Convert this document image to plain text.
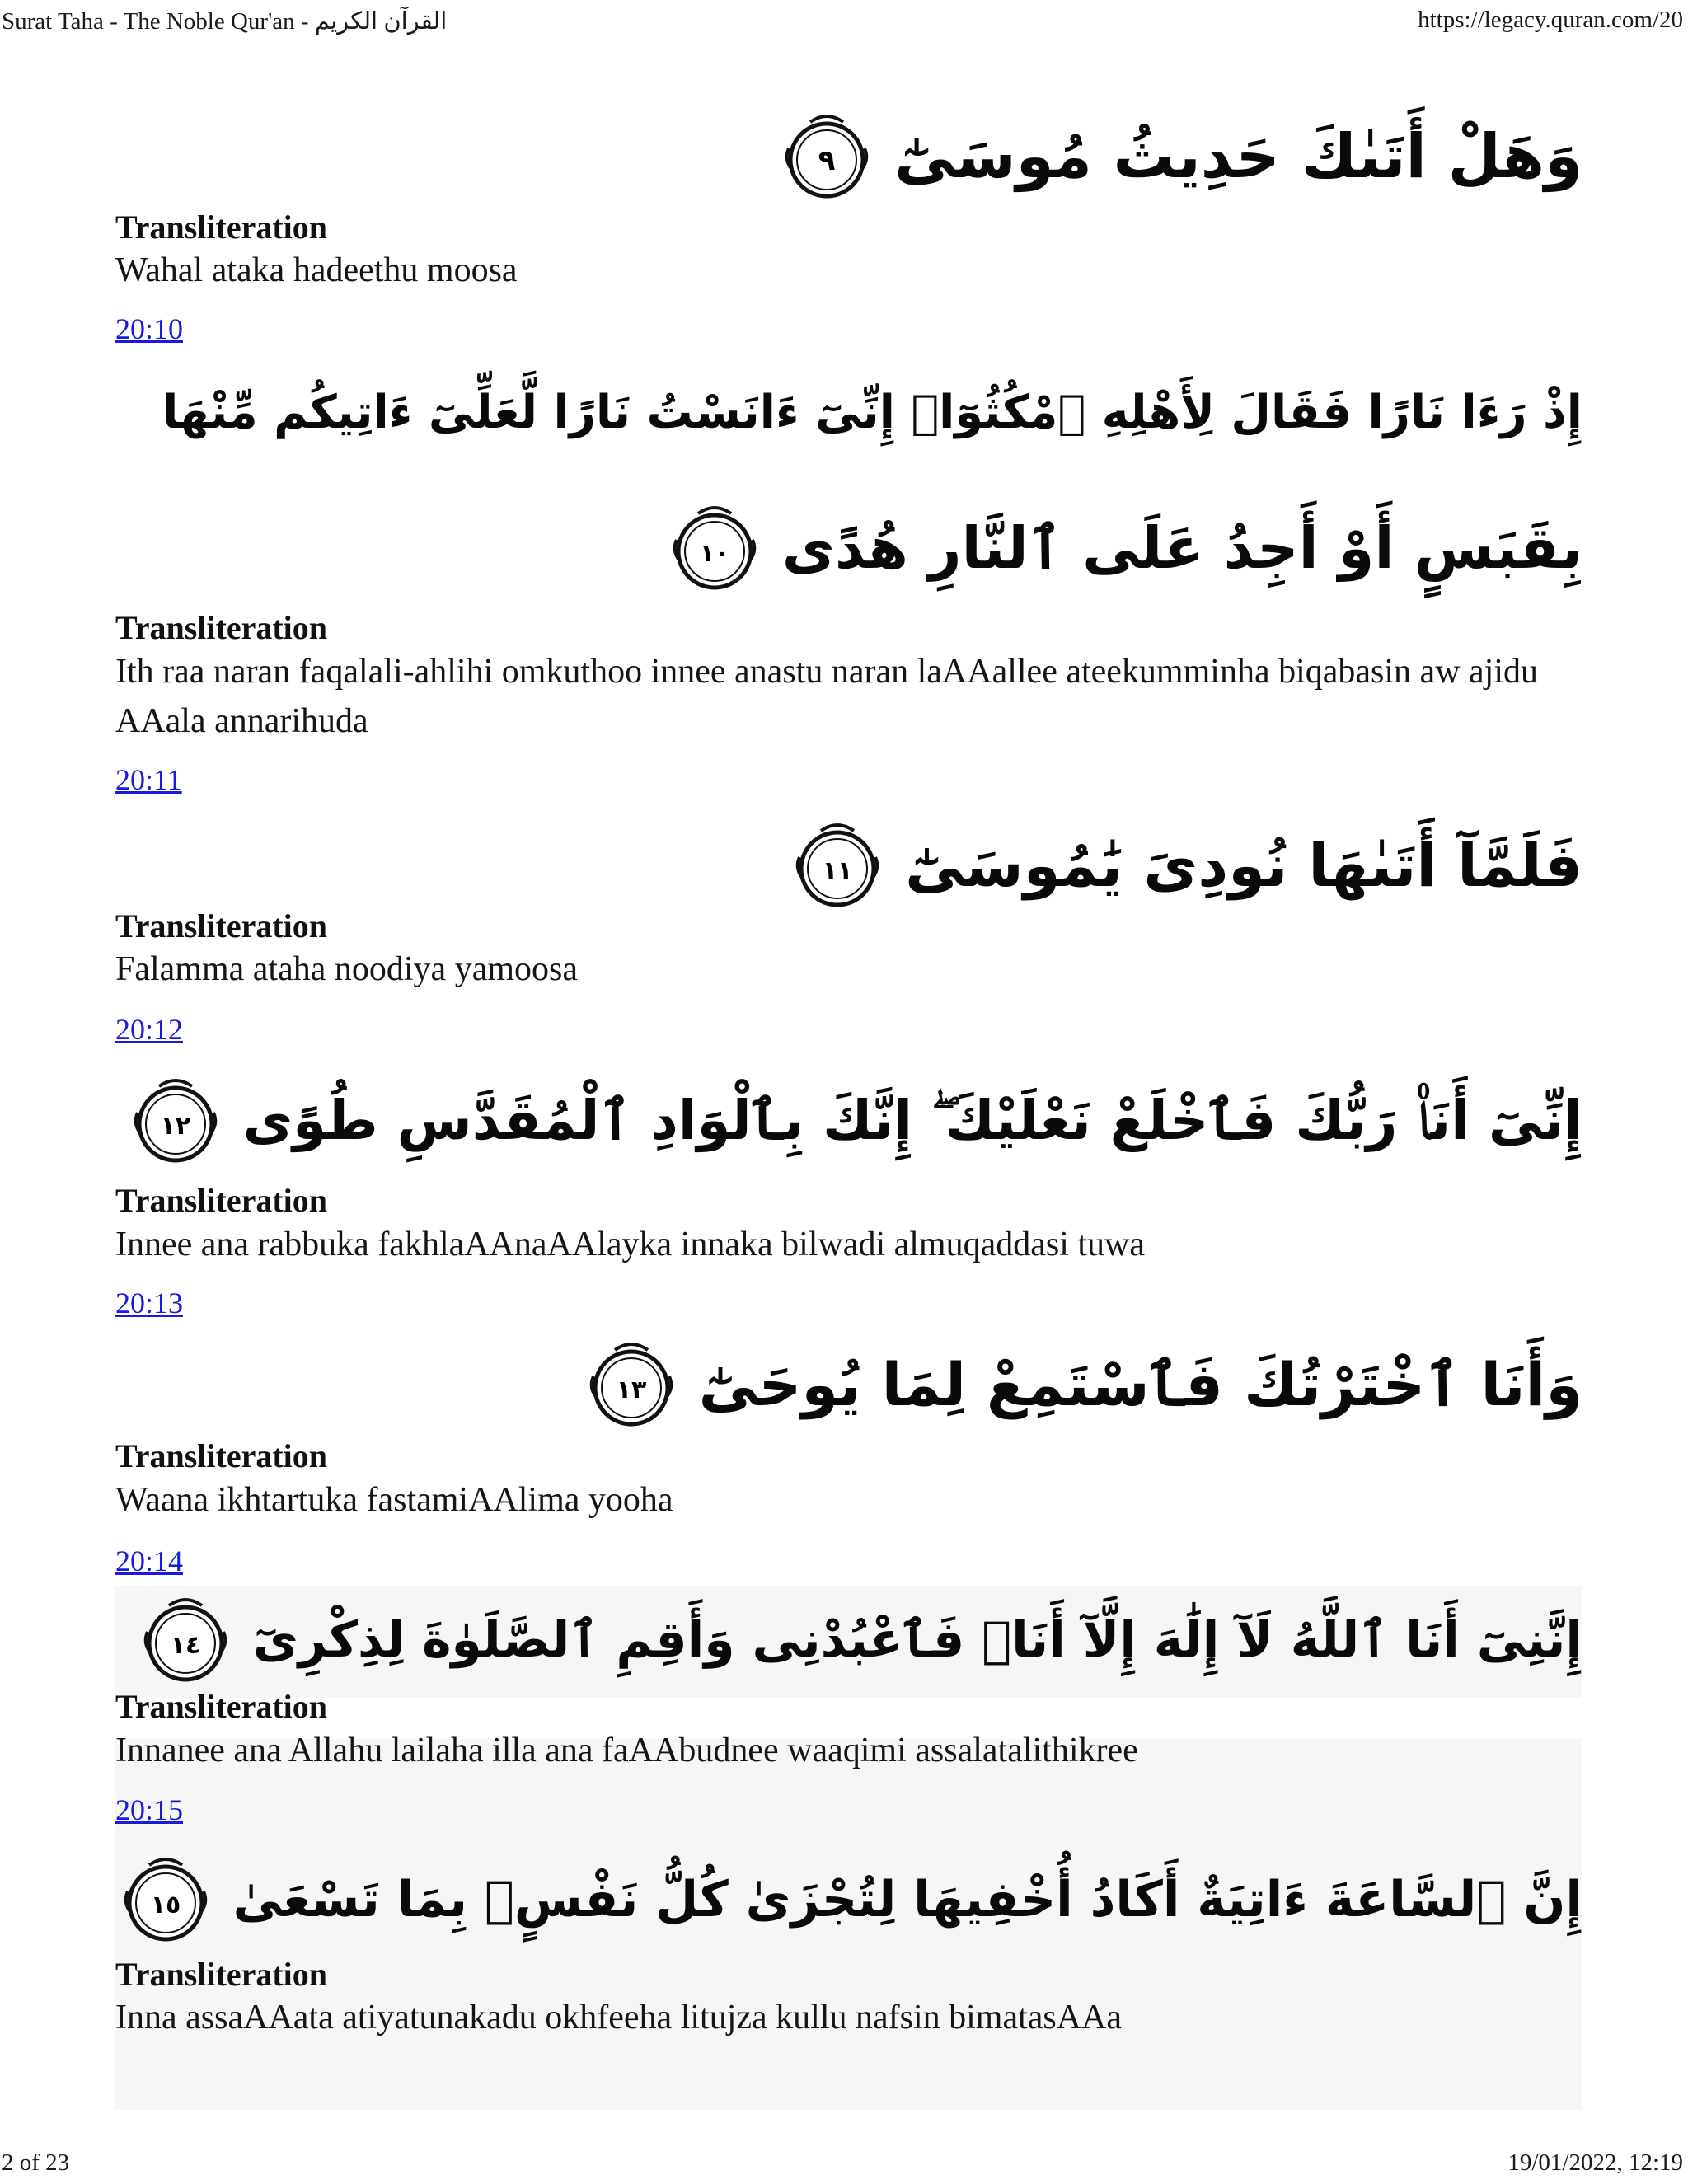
Surat Taha - The Noble Qur'an - القرآن الكريم	https://legacy.quran.com/20
وَهَلْ أَتَىٰكَ حَدِيثُ مُوسَىٰٓ
٩
Transliteration
Wahal ataka hadeethu moosa
20:10
إِذْ رَءَا نَارًا فَقَالَ لِأَهْلِهِ ٱمْكُثُوٓا۟ إِنِّىٓ ءَانَسْتُ نَارًا لَّعَلِّىٓ ءَاتِيكُم مِّنْهَا
بِقَبَسٍ أَوْ أَجِدُ عَلَى ٱلنَّارِ هُدًى
١٠
Transliteration
Ith raa naran faqalali-ahlihi omkuthoo innee anastu naran laAAallee ateekumminha biqabasin aw ajidu AAala annarihuda
20:11
فَلَمَّآ أَتَىٰهَا نُودِىَ يَٰمُوسَىٰٓ
١١
Transliteration
Falamma ataha noodiya yamoosa
20:12
إِنِّىٓ أَنَا۠ رَبُّكَ فَٱخْلَعْ نَعْلَيْكَ ۖ إِنَّكَ بِٱلْوَادِ ٱلْمُقَدَّسِ طُوًى
١٢
Transliteration
Innee ana rabbuka fakhlaAAnaAAlayka innaka bilwadi almuqaddasi tuwa
20:13
وَأَنَا ٱخْتَرْتُكَ فَٱسْتَمِعْ لِمَا يُوحَىٰٓ
١٣
Transliteration
Waana ikhtartuka fastamiAAlima yooha
20:14
إِنَّنِىٓ أَنَا ٱللَّهُ لَآ إِلَٰهَ إِلَّآ أَنَا۠ فَٱعْبُدْنِى وَأَقِمِ ٱلصَّلَوٰةَ لِذِكْرِىٓ
١٤
Transliteration
Innanee ana Allahu lailaha illa ana faAAbudnee waaqimi assalatalithikree
20:15
إِنَّ ٱلسَّاعَةَ ءَاتِيَةٌ أَكَادُ أُخْفِيهَا لِتُجْزَىٰ كُلُّ نَفْسٍۭ بِمَا تَسْعَىٰ
١٥
Transliteration
Inna assaAAata atiyatunakadu okhfeeha litujza kullu nafsin bimatasAAa
2 of 23	19/01/2022, 12:19
